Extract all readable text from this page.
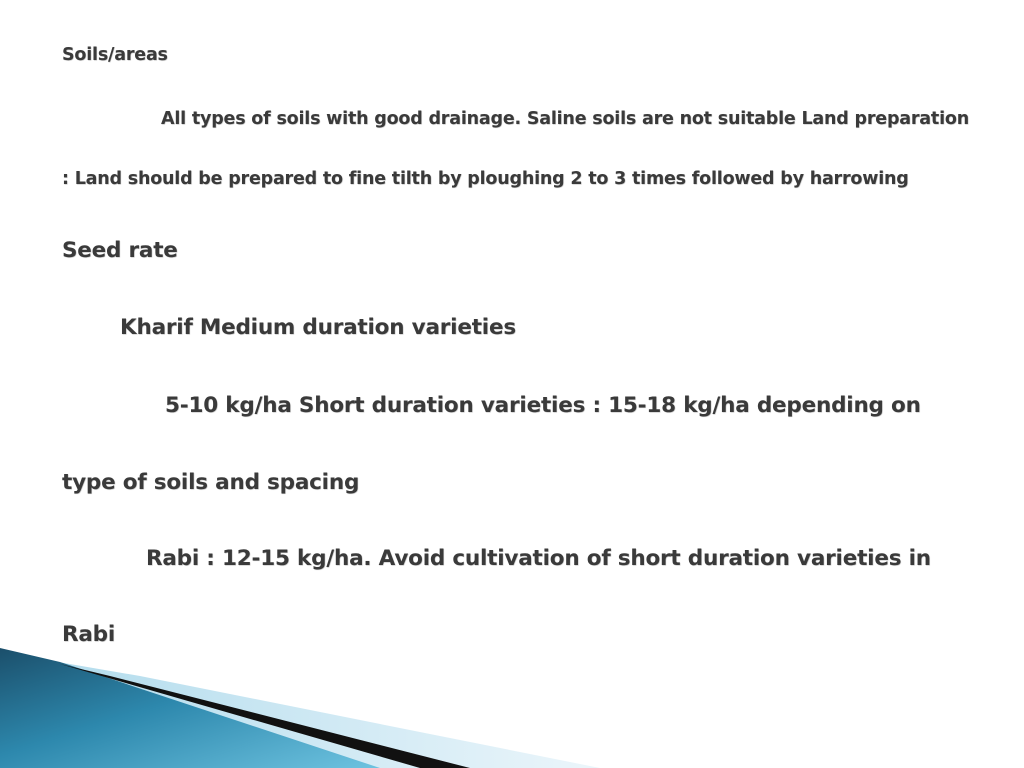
Soils/areas
All types of soils with good drainage. Saline soils are not suitable Land preparation
: Land should be prepared to fine tilth by ploughing 2 to 3 times followed by harrowing
Seed rate
Kharif Medium duration varieties
5-10 kg/ha Short duration varieties : 15-18 kg/ha depending on
type of soils and spacing
Rabi : 12-15 kg/ha. Avoid cultivation of short duration varieties in
Rabi
